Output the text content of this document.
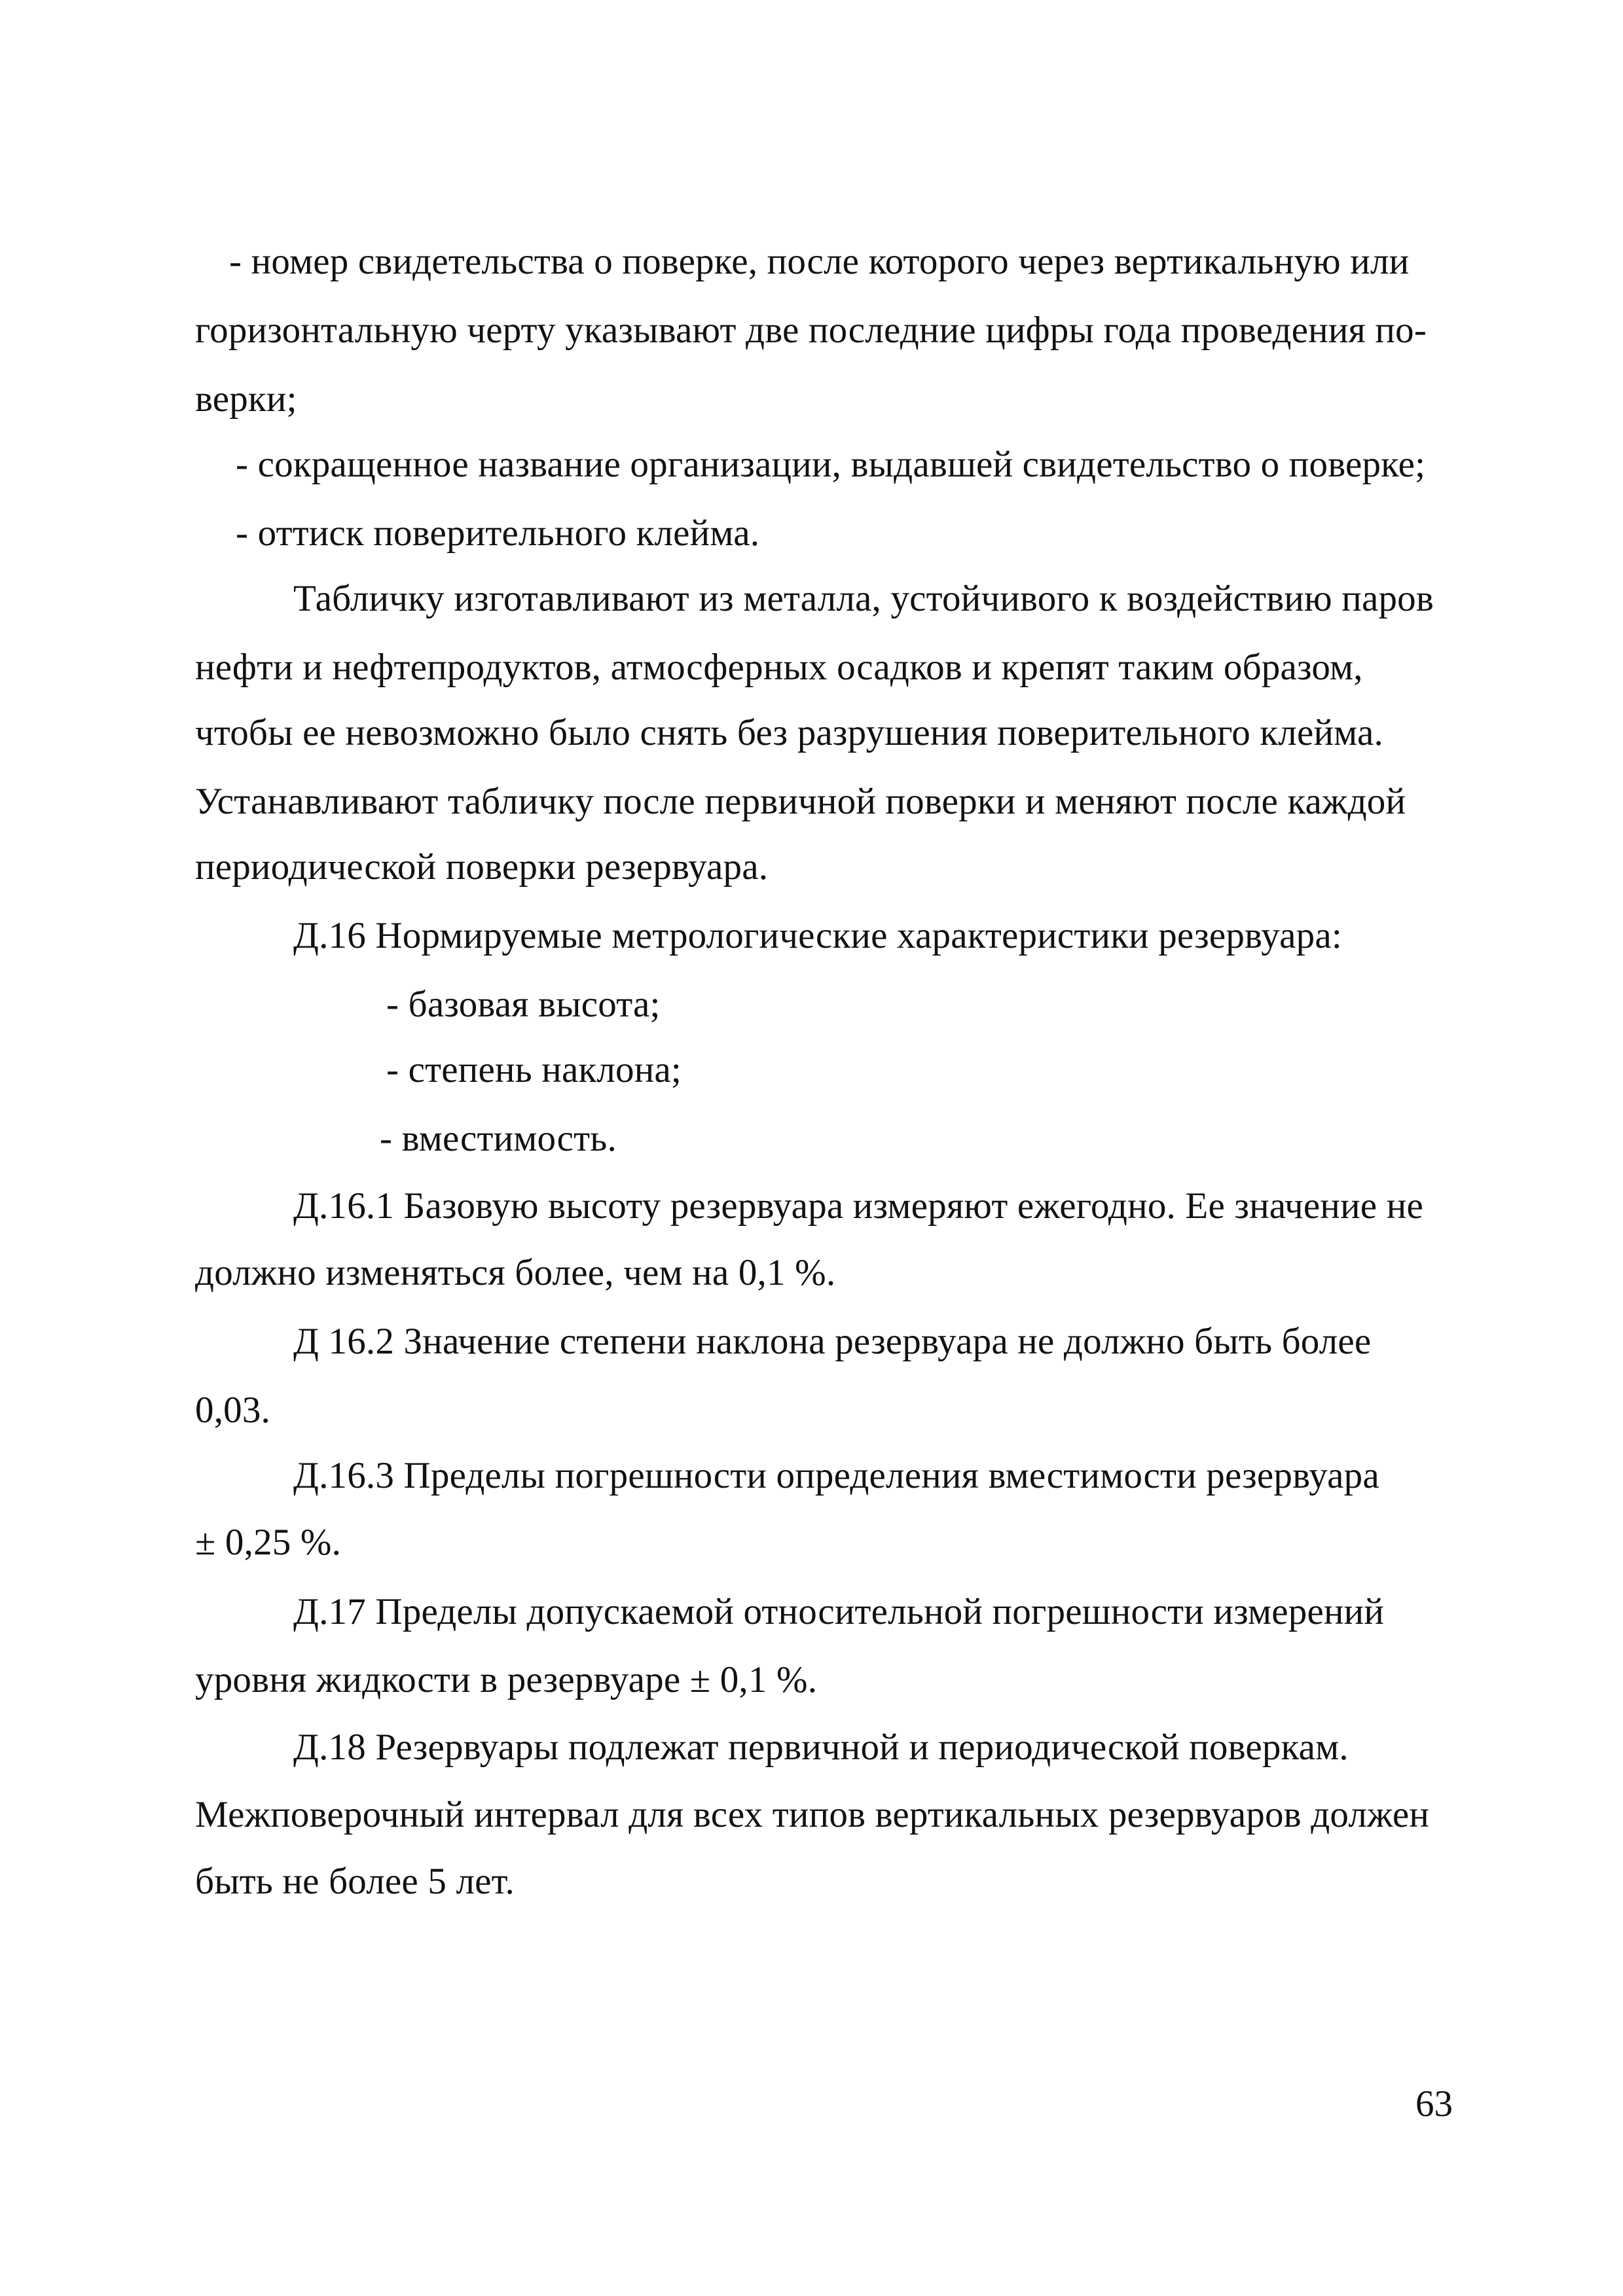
- номер свидетельства о поверке, после которого через вертикальную или
горизонтальную черту указывают две последние цифры года проведения по-
верки;
- сокращенное название организации, выдавшей свидетельство о поверке;
- оттиск поверительного клейма.
Табличку изготавливают из металла, устойчивого к воздействию паров
нефти и нефтепродуктов, атмосферных осадков и крепят таким образом,
чтобы ее невозможно было снять без разрушения поверительного клейма.
Устанавливают табличку после первичной поверки и меняют после каждой
периодической поверки резервуара.
Д.16 Нормируемые метрологические характеристики резервуара:
- базовая высота;
- степень наклона;
- вместимость.
Д.16.1 Базовую высоту резервуара измеряют ежегодно. Ее значение не
должно изменяться более, чем на 0,1 %.
Д 16.2 Значение степени наклона резервуара не должно быть более
0,03.
Д.16.3 Пределы погрешности определения вместимости резервуара
± 0,25 %.
Д.17 Пределы допускаемой относительной погрешности измерений
уровня жидкости в резервуаре ± 0,1 %.
Д.18 Резервуары подлежат первичной и периодической поверкам.
Межповерочный интервал для всех типов вертикальных резервуаров должен
быть не более 5 лет.
63
